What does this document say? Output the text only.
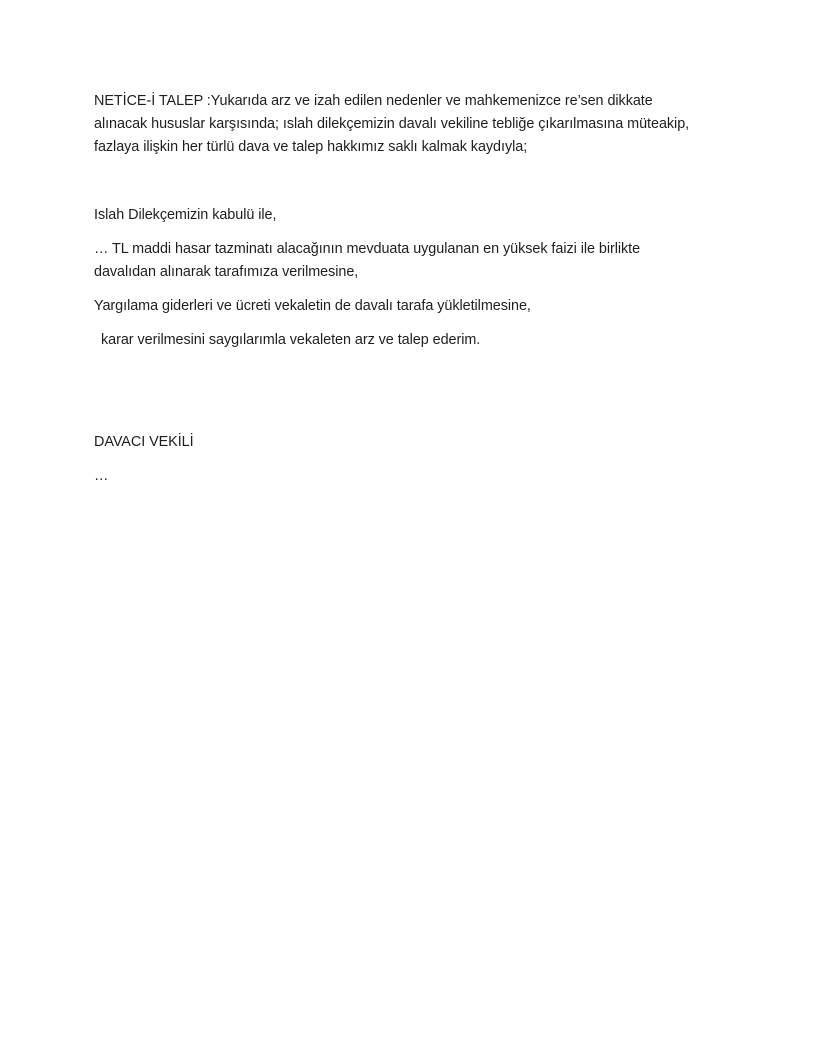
NETİCE-İ TALEP :Yukarıda arz ve izah edilen nedenler ve mahkemenizce re’sen dikkate alınacak hususlar karşısında; ıslah dilekçemizin davalı vekiline tebliğe çıkarılmasına müteakip, fazlaya ilişkin her türlü dava ve talep hakkımız saklı kalmak kaydıyla;

Islah Dilekçemizin kabulü ile,

… TL maddi hasar tazminatı alacağının mevduata uygulanan en yüksek faizi ile birlikte davalıdan alınarak tarafımıza verilmesine,

Yargılama giderleri ve ücreti vekaletin de davalı tarafa yükletilmesine,

karar verilmesini saygılarımla vekaleten arz ve talep ederim.

DAVACI VEKİLİ

…
